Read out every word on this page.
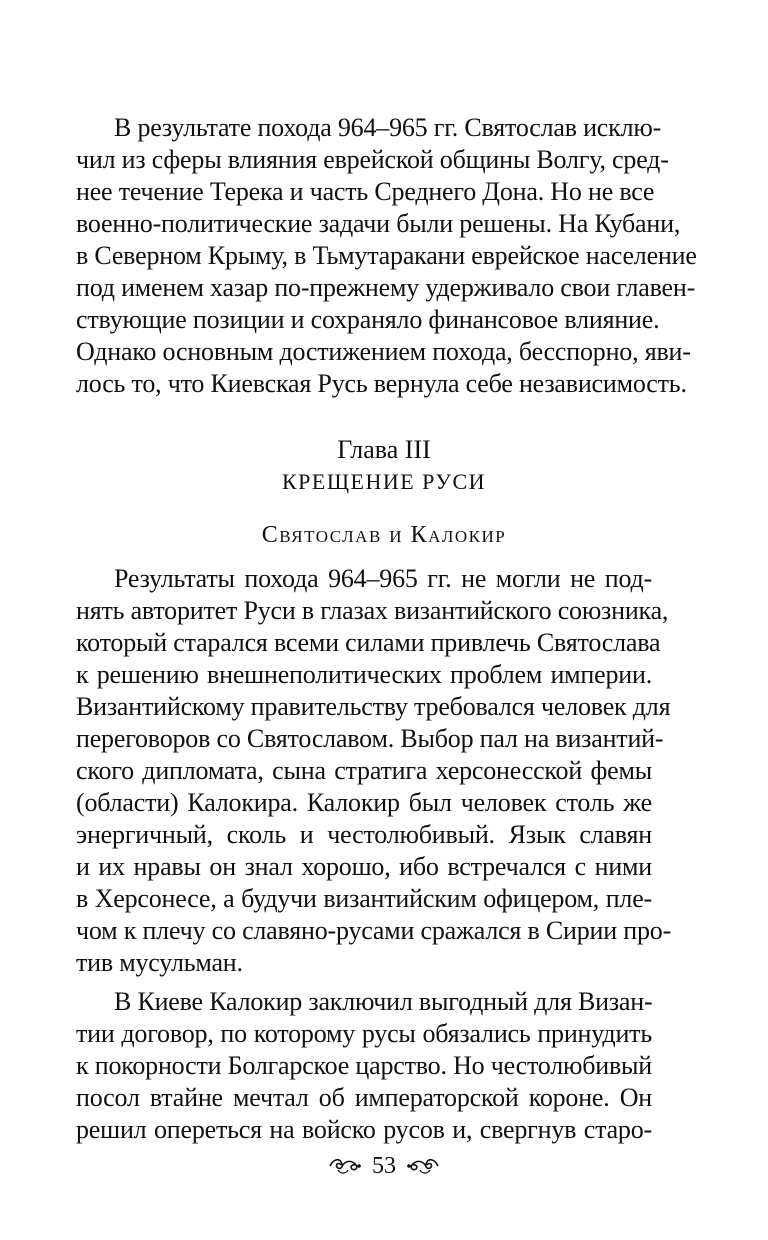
В результате похода 964–965 гг. Святослав исклю-
чил из сферы влияния еврейской общины Волгу, сред-
нее течение Терека и часть Среднего Дона. Но не все
военно-политические задачи были решены. На Кубани,
в Северном Крыму, в Тьмутаракани еврейское население
под именем хазар по-прежнему удерживало свои главен-
ствующие позиции и сохраняло финансовое влияние.
Однако основным достижением похода, бесспорно, яви-
лось то, что Киевская Русь вернула себе независимость.
Глава III
КРЕЩЕНИЕ РУСИ
Святослав и Калокир
Результаты похода 964–965 гг. не могли не под-
нять авторитет Руси в глазах византийского союзника,
который старался всеми силами привлечь Святослава
к решению внешнеполитических проблем империи.
Византийскому правительству требовался человек для
переговоров со Святославом. Выбор пал на византий-
ского дипломата, сына стратига херсонесской фемы
(области) Калокира. Калокир был человек столь же
энергичный, сколь и честолюбивый. Язык славян
и их нравы он знал хорошо, ибо встречался с ними
в Херсонесе, а будучи византийским офицером, пле-
чом к плечу со славяно-русами сражался в Сирии про-
тив мусульман.
В Киеве Калокир заключил выгодный для Визан-
тии договор, по которому русы обязались принудить
к покорности Болгарское царство. Но честолюбивый
посол втайне мечтал об императорской короне. Он
решил опереться на войско русов и, свергнув старо-
53
